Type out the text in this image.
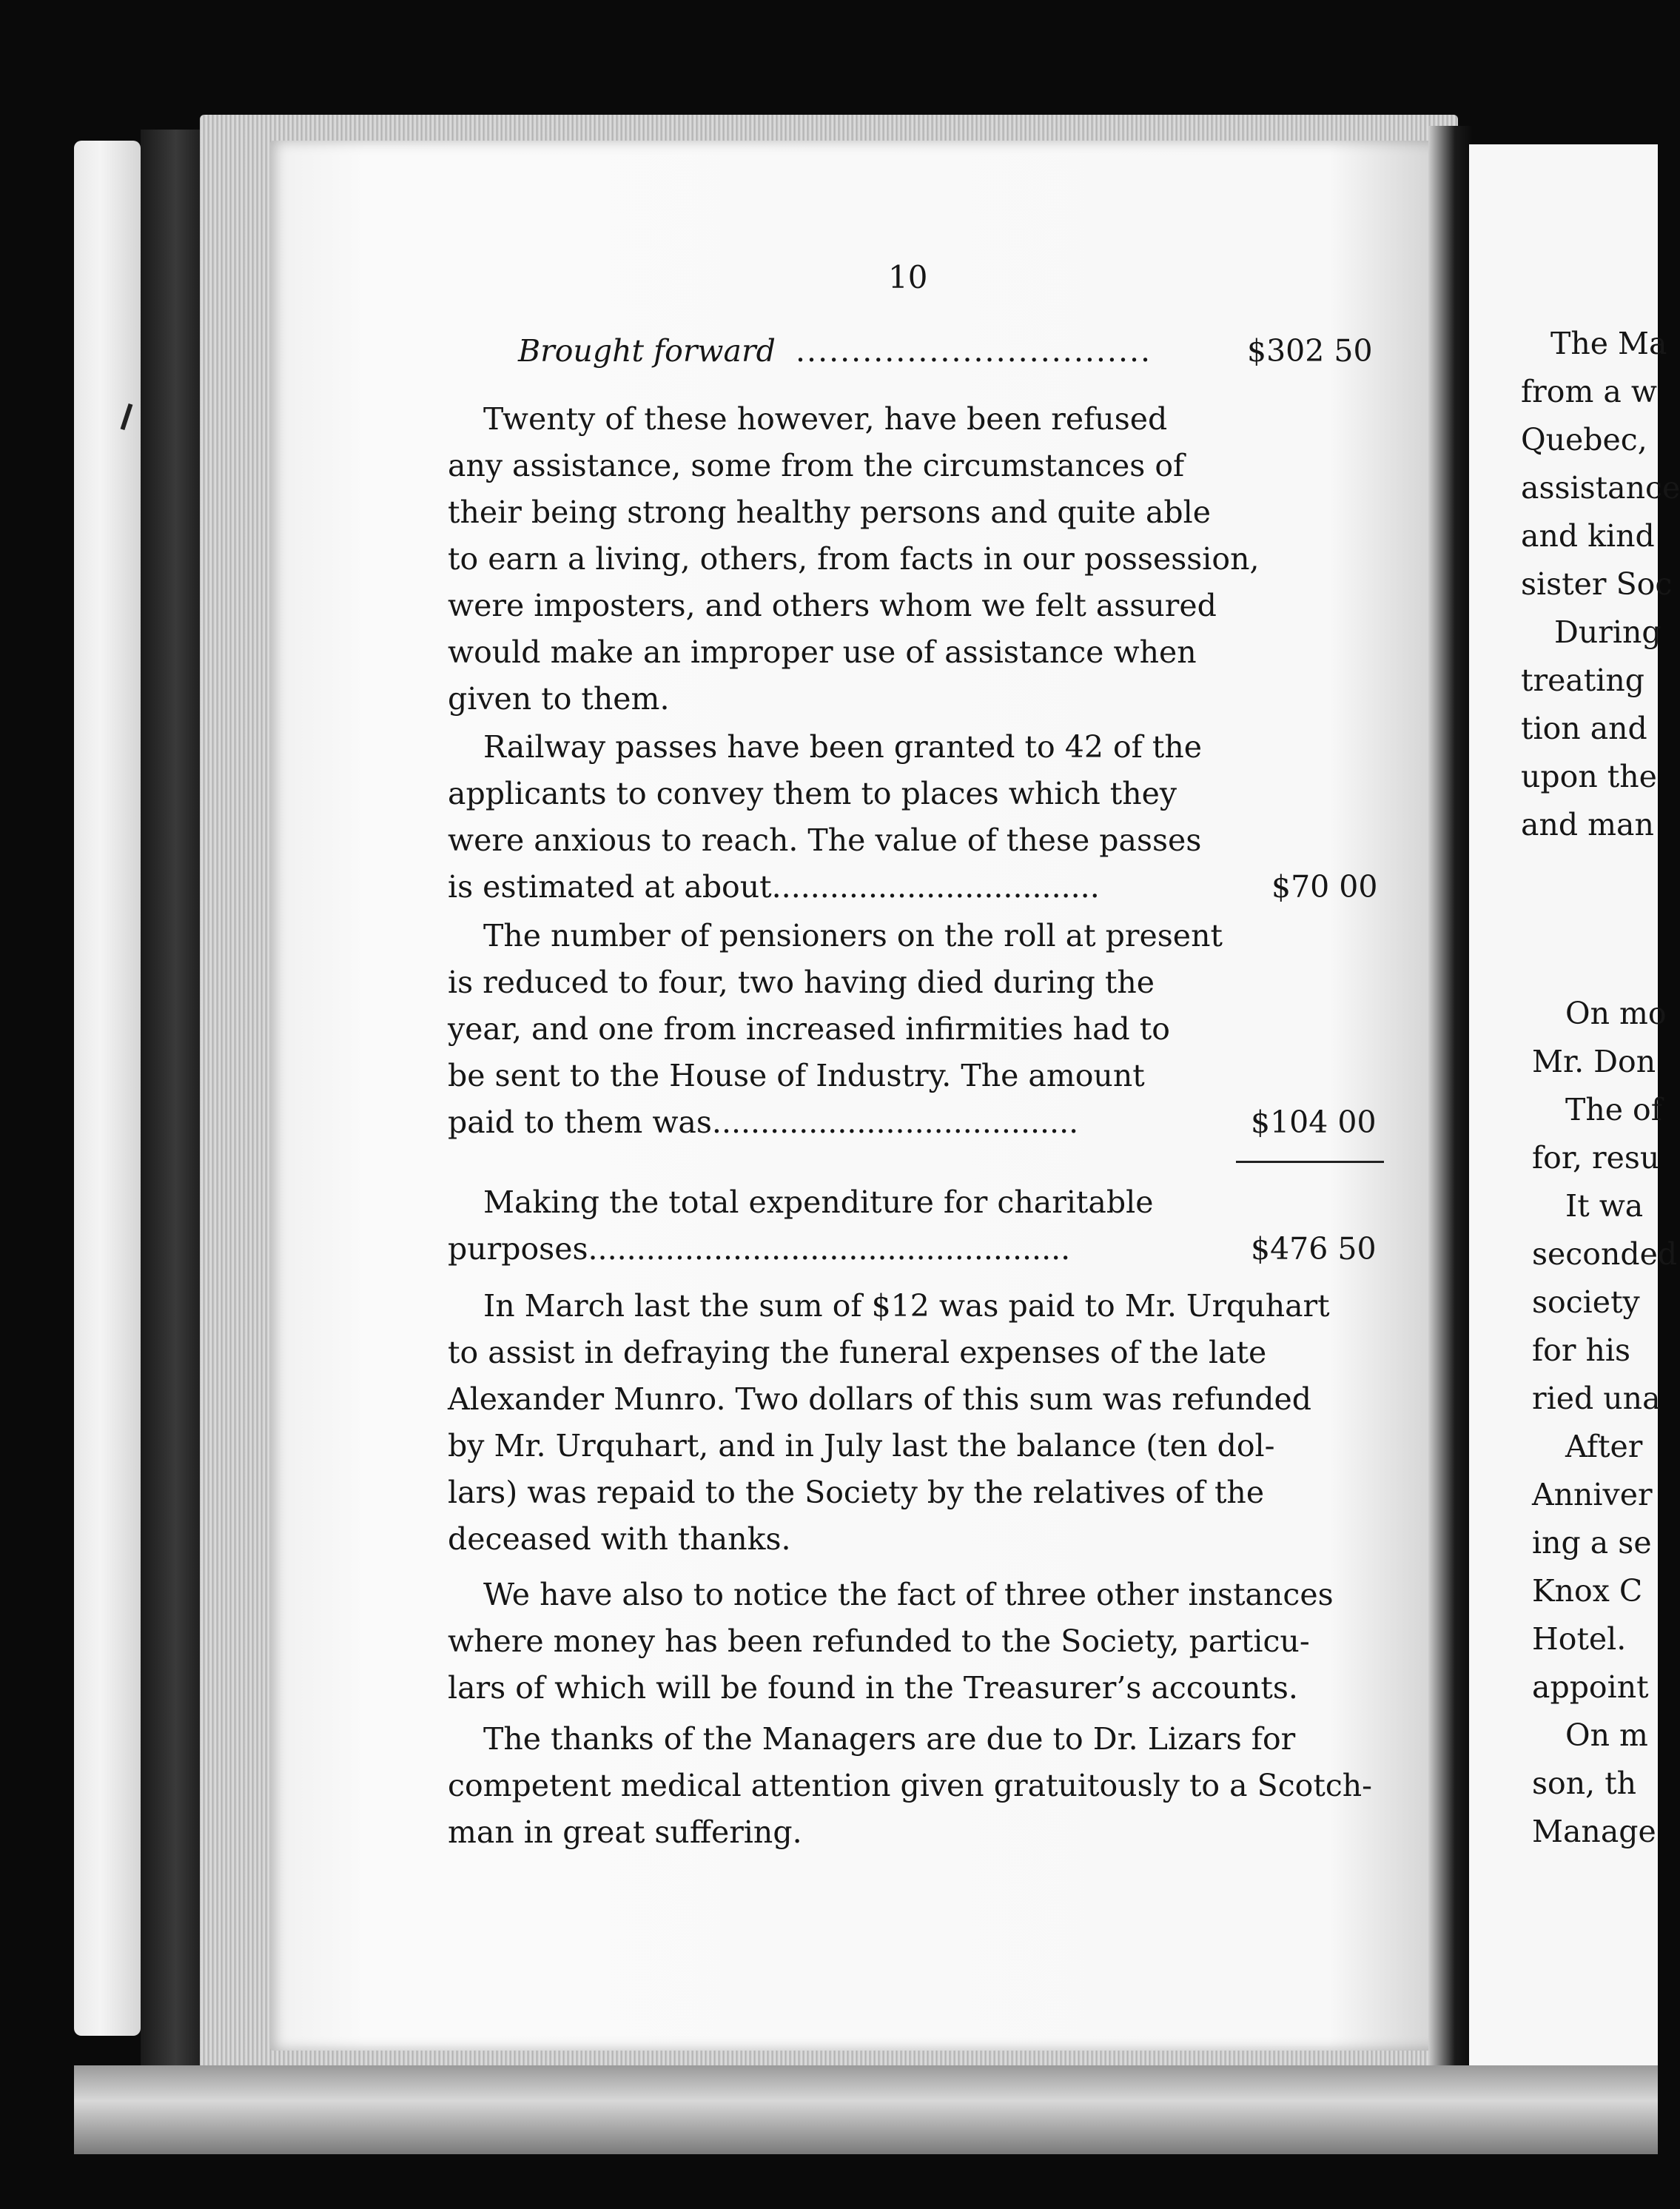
10
Brought forward ................................	$302 50
Twenty of these however, have been refused
any assistance, some from the circumstances of
their being strong healthy persons and quite able
to earn a living, others, from facts in our possession,
were imposters, and others whom we felt assured
would make an improper use of assistance when
given to them.
Railway passes have been granted to 42 of the
applicants to convey them to places which they
were anxious to reach. The value of these passes
is estimated at about..................................	$70 00
The number of pensioners on the roll at present
is reduced to four, two having died during the
year, and one from increased infirmities had to
be sent to the House of Industry. The amount
paid to them was......................................	$104 00
Making the total expenditure for charitable
purposes..................................................	$476 50
In March last the sum of $12 was paid to Mr. Urquhart
to assist in defraying the funeral expenses of the late
Alexander Munro. Two dollars of this sum was refunded
by Mr. Urquhart, and in July last the balance (ten dol-
lars) was repaid to the Society by the relatives of the
deceased with thanks.
We have also to notice the fact of three other instances
where money has been refunded to the Society, particu-
lars of which will be found in the Treasurer’s accounts.
The thanks of the Managers are due to Dr. Lizars for
competent medical attention given gratuitously to a Scotch-
man in great suffering.
The Ma
from a w
Quebec,
assistance
and kind
sister Soc
During
treating
tion and
upon the
and man
On mo
Mr. Don
The of
for, resu
It wa
seconded
society
for his
ried una
After
Anniver
ing a se
Knox C
Hotel.
appoint
On m
son, th
Manage
